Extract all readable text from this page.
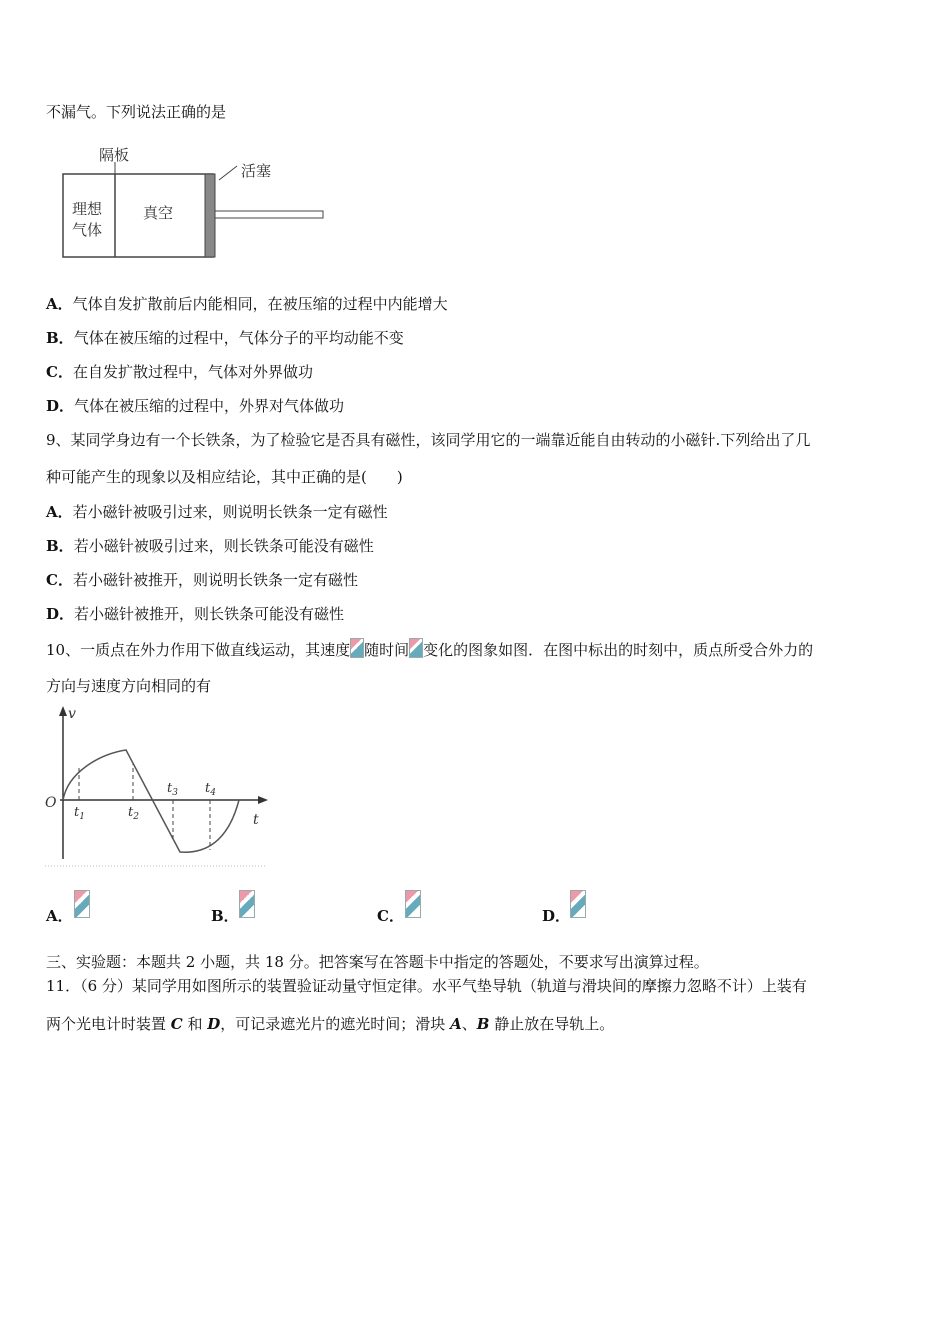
不漏气。下列说法正确的是
隔板
活塞
理想
气体
真空
A．气体自发扩散前后内能相同，在被压缩的过程中内能增大
B．气体在被压缩的过程中，气体分子的平均动能不变
C．在自发扩散过程中，气体对外界做功
D．气体在被压缩的过程中，外界对气体做功
9、某同学身边有一个长铁条，为了检验它是否具有磁性，该同学用它的一端靠近能自由转动的小磁针.下列给出了几
种可能产生的现象以及相应结论，其中正确的是(　　)
A．若小磁针被吸引过来，则说明长铁条一定有磁性
B．若小磁针被吸引过来，则长铁条可能没有磁性
C．若小磁针被推开，则说明长铁条一定有磁性
D．若小磁针被推开，则长铁条可能没有磁性
10、一质点在外力作用下做直线运动，其速度 随时间 变化的图象如图．在图中标出的时刻中，质点所受合外力的
方向与速度方向相同的有
v
t
O
$t_1$	$t_2$
$t_3$ $t_4$
A．	B．	C．	D．
三、实验题：本题共 2 小题，共 18 分。把答案写在答题卡中指定的答题处，不要求写出演算过程。
11．（6 分）某同学用如图所示的装置验证动量守恒定律。水平气垫导轨（轨道与滑块间的摩擦力忽略不计）上装有
两个光电计时装置 C 和 D，可记录遮光片的遮光时间；滑块 A、B 静止放在导轨上。
